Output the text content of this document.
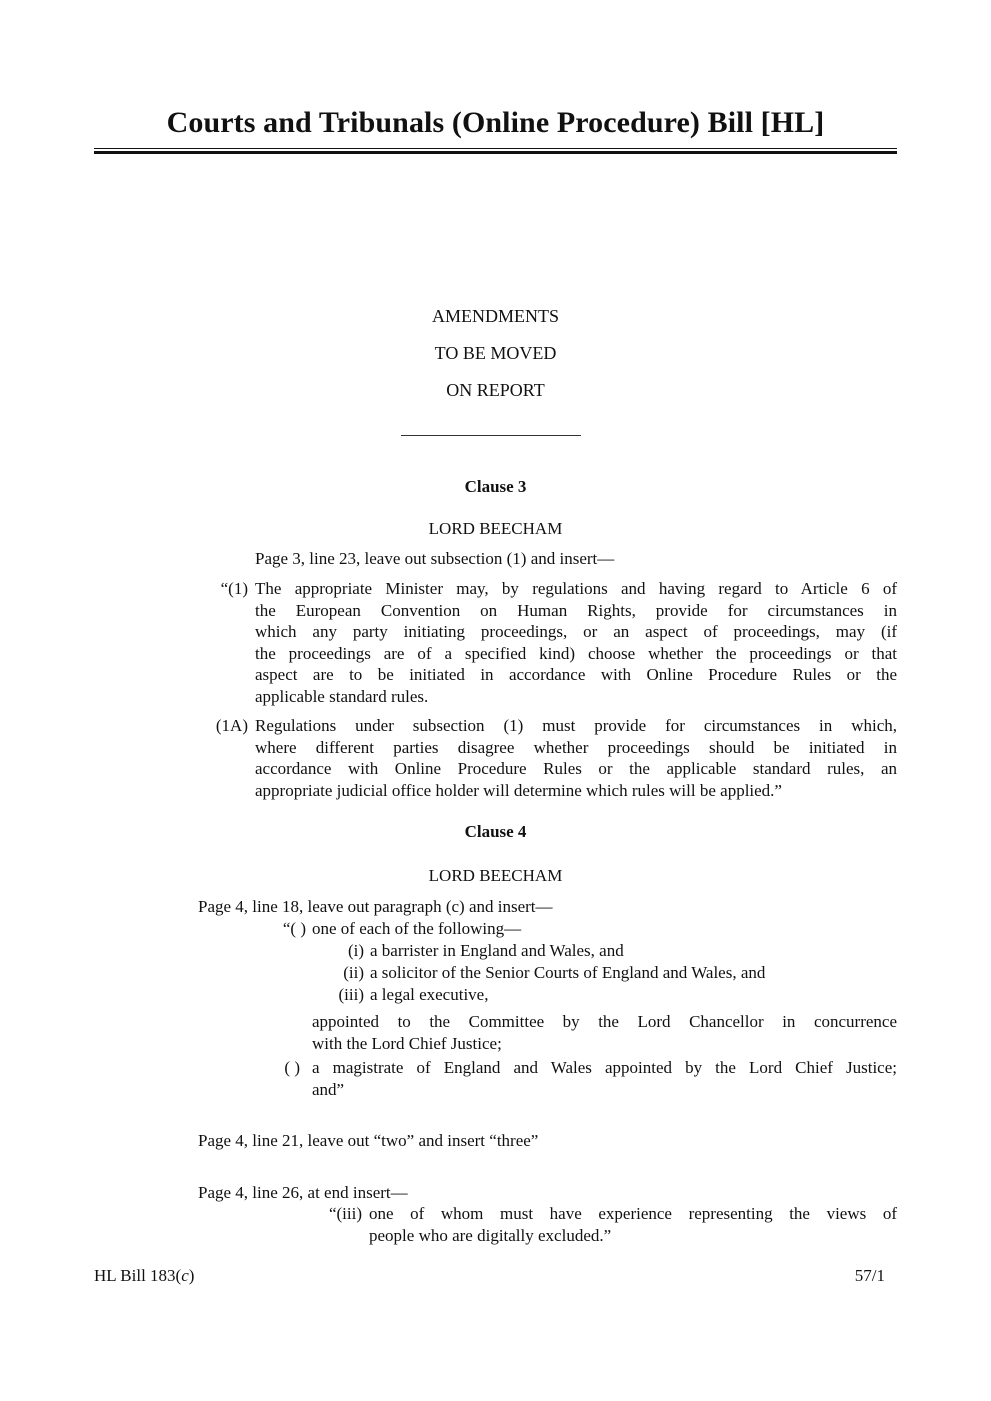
Courts and Tribunals (Online Procedure) Bill [HL]
AMENDMENTS
TO BE MOVED
ON REPORT
Clause 3
LORD BEECHAM
Page 3, line 23, leave out subsection (1) and insert—
“(1) The appropriate Minister may, by regulations and having regard to Article 6 of
the European Convention on Human Rights, provide for circumstances in
which any party initiating proceedings, or an aspect of proceedings, may (if
the proceedings are of a specified kind) choose whether the proceedings or that
aspect are to be initiated in accordance with Online Procedure Rules or the
applicable standard rules.
(1A) Regulations under subsection (1) must provide for circumstances in which,
where different parties disagree whether proceedings should be initiated in
accordance with Online Procedure Rules or the applicable standard rules, an
appropriate judicial office holder will determine which rules will be applied.”
Clause 4
LORD BEECHAM
Page 4, line 18, leave out paragraph (c) and insert—
“( ) one of each of the following—
(i) a barrister in England and Wales, and
(ii) a solicitor of the Senior Courts of England and Wales, and
(iii) a legal executive,
appointed to the Committee by the Lord Chancellor in concurrence
with the Lord Chief Justice;
( ) a magistrate of England and Wales appointed by the Lord Chief Justice;
and”
Page 4, line 21, leave out “two” and insert “three”
Page 4, line 26, at end insert—
“(iii) one of whom must have experience representing the views of
people who are digitally excluded.”
HL Bill 183(c)	57/1
